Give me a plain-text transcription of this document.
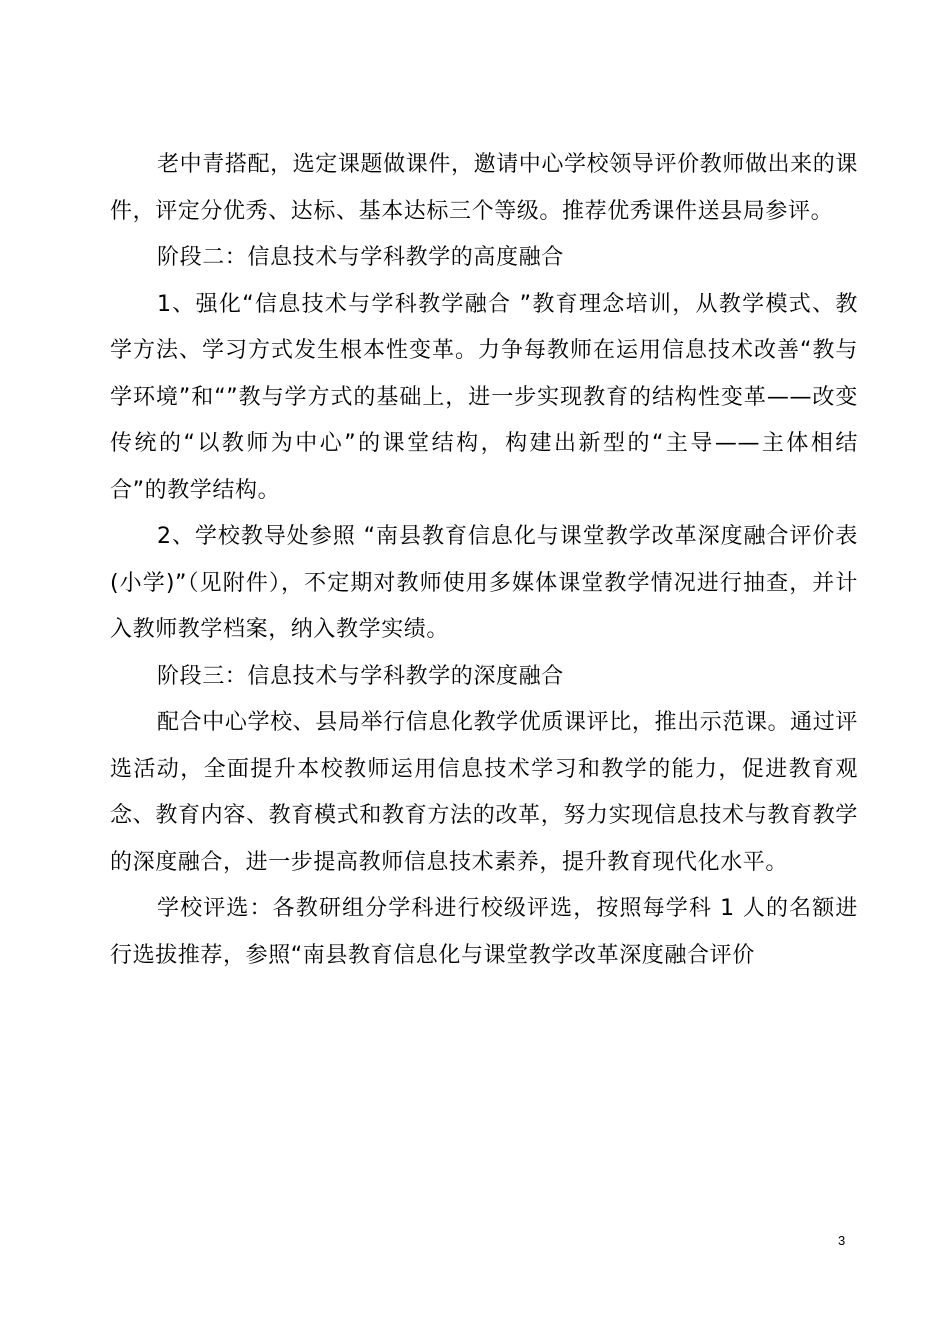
老中青搭配，选定课题做课件，邀请中心学校领导评价教师做出来的课件，评定分优秀、达标、基本达标三个等级。推荐优秀课件送县局参评。

阶段二：信息技术与学科教学的高度融合

1、强化“信息技术与学科教学融合 ”教育理念培训，从教学模式、教学方法、学习方式发生根本性变革。力争每教师在运用信息技术改善“教与学环境”和“”教与学方式的基础上，进一步实现教育的结构性变革——改变传统的“以教师为中心”的课堂结构，构建出新型的“主导——主体相结合”的教学结构。

2、学校教导处参照 “南县教育信息化与课堂教学改革深度融合评价表(小学)”（见附件），不定期对教师使用多媒体课堂教学情况进行抽查，并计入教师教学档案，纳入教学实绩。

阶段三：信息技术与学科教学的深度融合

配合中心学校、县局举行信息化教学优质课评比，推出示范课。通过评选活动，全面提升本校教师运用信息技术学习和教学的能力，促进教育观念、教育内容、教育模式和教育方法的改革，努力实现信息技术与教育教学的深度融合，进一步提高教师信息技术素养，提升教育现代化水平。

学校评选：各教研组分学科进行校级评选，按照每学科 1 人的名额进行选拔推荐，参照“南县教育信息化与课堂教学改革深度融合评价

3
